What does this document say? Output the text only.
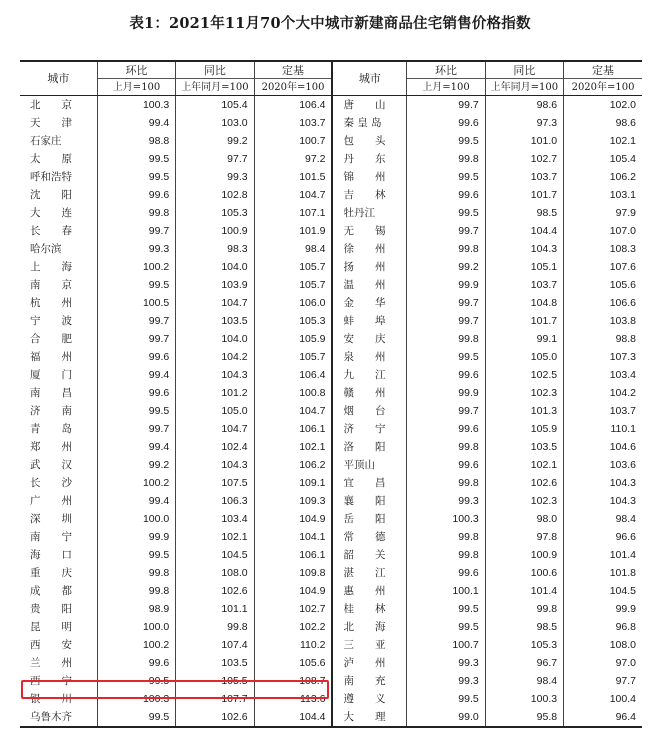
表1：2021年11月70个大中城市新建商品住宅销售价格指数
城市	环比	同比	定基	城市	环比	同比	定基
	上月=100	上年同月=100	2020年=100		上月=100	上年同月=100	2020年=100
北　　京	100.3	105.4	106.4	唐　　山	99.7	98.6	102.0
天　　津	99.4	103.0	103.7	秦 皇 岛	99.6	97.3	98.6
石家庄	98.8	99.2	100.7	包　　头	99.5	101.0	102.1
太　　原	99.5	97.7	97.2	丹　　东	99.8	102.7	105.4
呼和浩特	99.5	99.3	101.5	锦　　州	99.5	103.7	106.2
沈　　阳	99.6	102.8	104.7	吉　　林	99.6	101.7	103.1
大　　连	99.8	105.3	107.1	牡丹江	99.5	98.5	97.9
长　　春	99.7	100.9	101.9	无　　锡	99.7	104.4	107.0
哈尔滨	99.3	98.3	98.4	徐　　州	99.8	104.3	108.3
上　　海	100.2	104.0	105.7	扬　　州	99.2	105.1	107.6
南　　京	99.5	103.9	105.7	温　　州	99.9	103.7	105.6
杭　　州	100.5	104.7	106.0	金　　华	99.7	104.8	106.6
宁　　波	99.7	103.5	105.3	蚌　　埠	99.7	101.7	103.8
合　　肥	99.7	104.0	105.9	安　　庆	99.8	99.1	98.8
福　　州	99.6	104.2	105.7	泉　　州	99.5	105.0	107.3
厦　　门	99.4	104.3	106.4	九　　江	99.6	102.5	103.4
南　　昌	99.6	101.2	100.8	赣　　州	99.9	102.3	104.2
济　　南	99.5	105.0	104.7	烟　　台	99.7	101.3	103.7
青　　岛	99.7	104.7	106.1	济　　宁	99.6	105.9	110.1
郑　　州	99.4	102.4	102.1	洛　　阳	99.8	103.5	104.6
武　　汉	99.2	104.3	106.2	平顶山	99.6	102.1	103.6
长　　沙	100.2	107.5	109.1	宜　　昌	99.8	102.6	104.3
广　　州	99.4	106.3	109.3	襄　　阳	99.3	102.3	104.3
深　　圳	100.0	103.4	104.9	岳　　阳	100.3	98.0	98.4
南　　宁	99.9	102.1	104.1	常　　德	99.8	97.8	96.6
海　　口	99.5	104.5	106.1	韶　　关	99.8	100.9	101.4
重　　庆	99.8	108.0	109.8	湛　　江	99.6	100.6	101.8
成　　都	99.8	102.6	104.9	惠　　州	100.1	101.4	104.5
贵　　阳	98.9	101.1	102.7	桂　　林	99.5	99.8	99.9
昆　　明	100.0	99.8	102.2	北　　海	99.5	98.5	96.8
西　　安	100.2	107.4	110.2	三　　亚	100.7	105.3	108.0
兰　　州	99.6	103.5	105.6	泸　　州	99.3	96.7	97.0
西　　宁	99.5	105.5	108.7	南　　充	99.3	98.4	97.7
银　　川	100.3	107.7	113.6	遵　　义	99.5	100.3	100.4
乌鲁木齐	99.5	102.6	104.4	大　　理	99.0	95.8	96.4
